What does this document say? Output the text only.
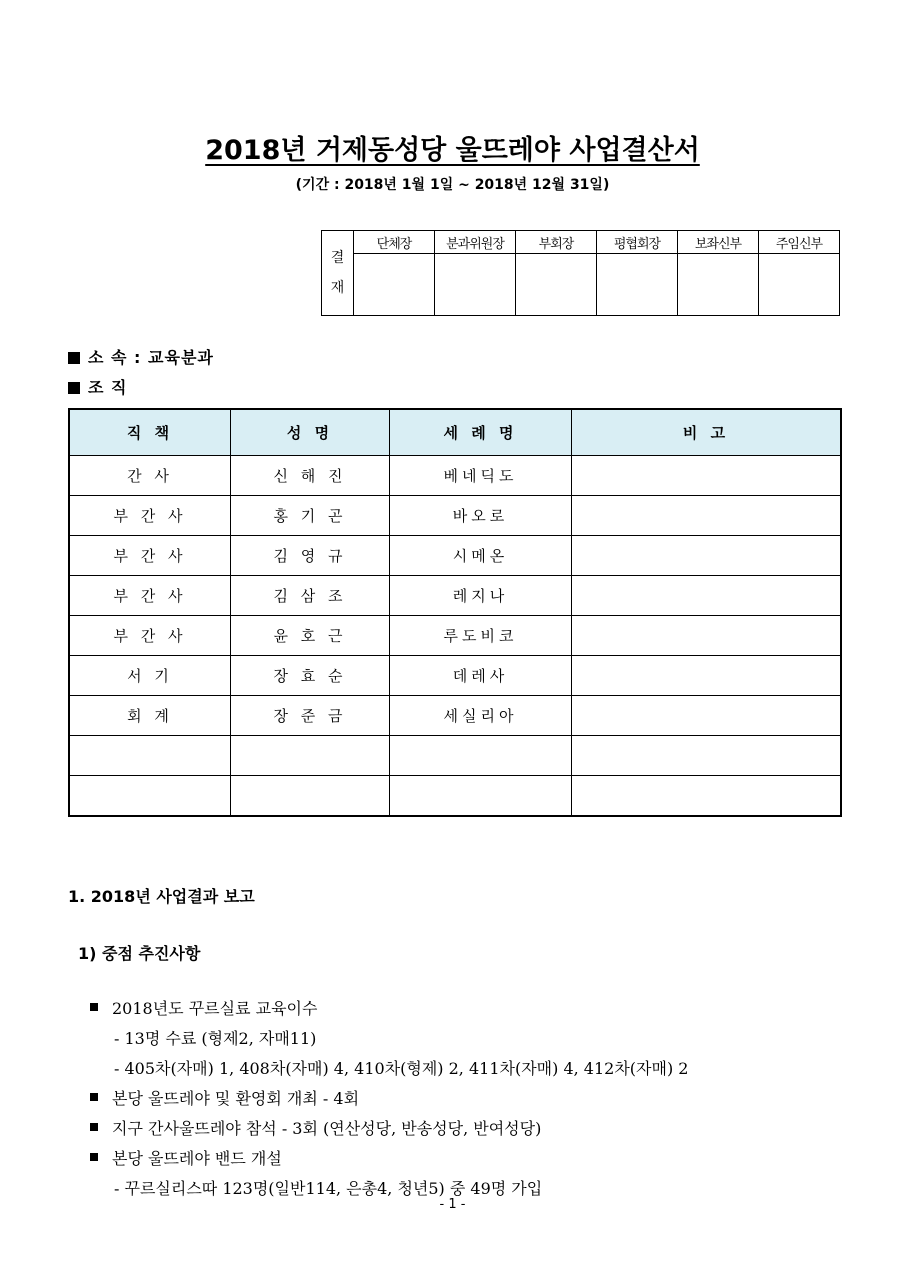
2018년 거제동성당 울뜨레야 사업결산서
(기간 : 2018년 1월 1일 ~ 2018년 12월 31일)
결
재	단체장	분과위원장	부회장	평협회장	보좌신부	주임신부

소 속 : 교육분과
조 직
직 책	성 명	세 례 명	비 고
간 사	신 해 진	베네딕도	
부 간 사	홍 기 곤	바오로	
부 간 사	김 영 규	시메온	
부 간 사	김 삼 조	레지나	
부 간 사	윤 호 근	루도비코	
서 기	장 효 순	데레사	
회 계	장 준 금	세실리아	

1. 2018년 사업결과 보고
1) 중점 추진사항
2018년도 꾸르실료 교육이수
- 13명 수료 (형제2, 자매11)
- 405차(자매) 1, 408차(자매) 4, 410차(형제) 2, 411차(자매) 4, 412차(자매) 2
본당 울뜨레야 및 환영회 개최 - 4회
지구 간사울뜨레야 참석 - 3회 (연산성당, 반송성당, 반여성당)
본당 울뜨레야 밴드 개설
- 꾸르실리스따 123명(일반114, 은총4, 청년5) 중 49명 가입
- 1 -
